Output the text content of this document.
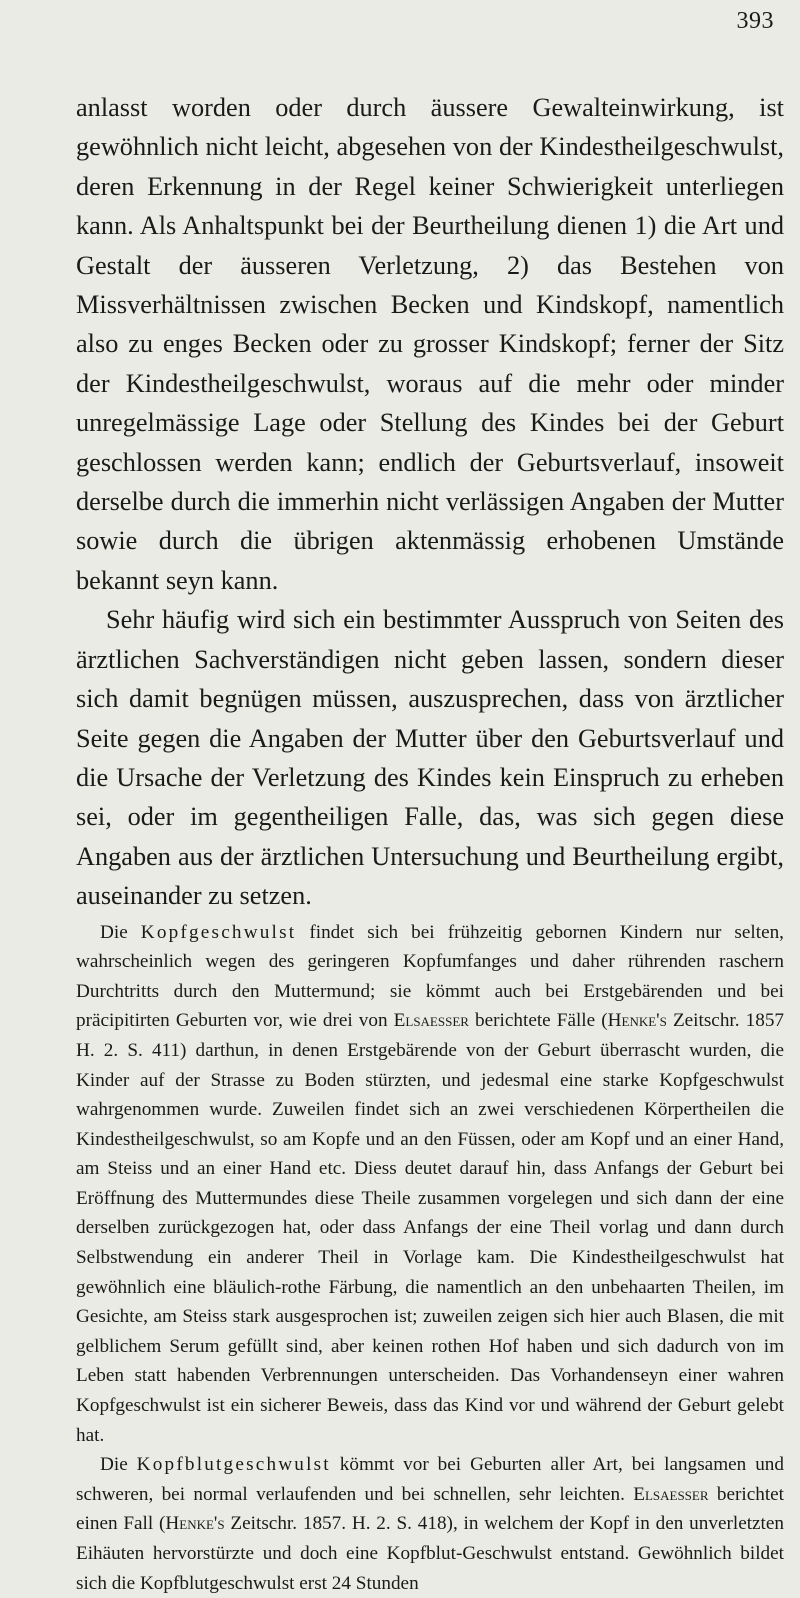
393

anlasst worden oder durch äussere Gewalteinwirkung, ist gewöhnlich nicht leicht, abgesehen von der Kindestheilgeschwulst, deren Erkennung in der Regel keiner Schwierigkeit unterliegen kann. Als Anhaltspunkt bei der Beurtheilung dienen 1) die Art und Gestalt der äusseren Verletzung, 2) das Bestehen von Missverhältnissen zwischen Becken und Kindskopf, namentlich also zu enges Becken oder zu grosser Kindskopf; ferner der Sitz der Kindestheilgeschwulst, woraus auf die mehr oder minder unregelmässige Lage oder Stellung des Kindes bei der Geburt geschlossen werden kann; endlich der Geburtsverlauf, insoweit derselbe durch die immerhin nicht verlässigen Angaben der Mutter sowie durch die übrigen aktenmässig erhobenen Umstände bekannt seyn kann.

Sehr häufig wird sich ein bestimmter Ausspruch von Seiten des ärztlichen Sachverständigen nicht geben lassen, sondern dieser sich damit begnügen müssen, auszusprechen, dass von ärztlicher Seite gegen die Angaben der Mutter über den Geburtsverlauf und die Ursache der Verletzung des Kindes kein Einspruch zu erheben sei, oder im gegentheiligen Falle, das, was sich gegen diese Angaben aus der ärztlichen Untersuchung und Beurtheilung ergibt, auseinander zu setzen.

Die Kopfgeschwulst findet sich bei frühzeitig gebornen Kindern nur selten, wahrscheinlich wegen des geringeren Kopfumfanges und daher rührenden raschern Durchtritts durch den Muttermund; sie kömmt auch bei Erstgebärenden und bei präcipitirten Geburten vor, wie drei von Elsaesser berichtete Fälle (Henke's Zeitschr. 1857 H. 2. S. 411) darthun, in denen Erstgebärende von der Geburt überrascht wurden, die Kinder auf der Strasse zu Boden stürzten, und jedesmal eine starke Kopfgeschwulst wahrgenommen wurde. Zuweilen findet sich an zwei verschiedenen Körpertheilen die Kindestheilgeschwulst, so am Kopfe und an den Füssen, oder am Kopf und an einer Hand, am Steiss und an einer Hand etc. Diess deutet darauf hin, dass Anfangs der Geburt bei Eröffnung des Muttermundes diese Theile zusammen vorgelegen und sich dann der eine derselben zurückgezogen hat, oder dass Anfangs der eine Theil vorlag und dann durch Selbstwendung ein anderer Theil in Vorlage kam. Die Kindestheilgeschwulst hat gewöhnlich eine bläulich-rothe Färbung, die namentlich an den unbehaarten Theilen, im Gesichte, am Steiss stark ausgesprochen ist; zuweilen zeigen sich hier auch Blasen, die mit gelblichem Serum gefüllt sind, aber keinen rothen Hof haben und sich dadurch von im Leben statt habenden Verbrennungen unterscheiden. Das Vorhandenseyn einer wahren Kopfgeschwulst ist ein sicherer Beweis, dass das Kind vor und während der Geburt gelebt hat.

Die Kopfblutgeschwulst kömmt vor bei Geburten aller Art, bei langsamen und schweren, bei normal verlaufenden und bei schnellen, sehr leichten. Elsaesser berichtet einen Fall (Henke's Zeitschr. 1857. H. 2. S. 418), in welchem der Kopf in den unverletzten Eihäuten hervorstürzte und doch eine Kopfblut-Geschwulst entstand. Gewöhnlich bildet sich die Kopfblutgeschwulst erst 24 Stunden
